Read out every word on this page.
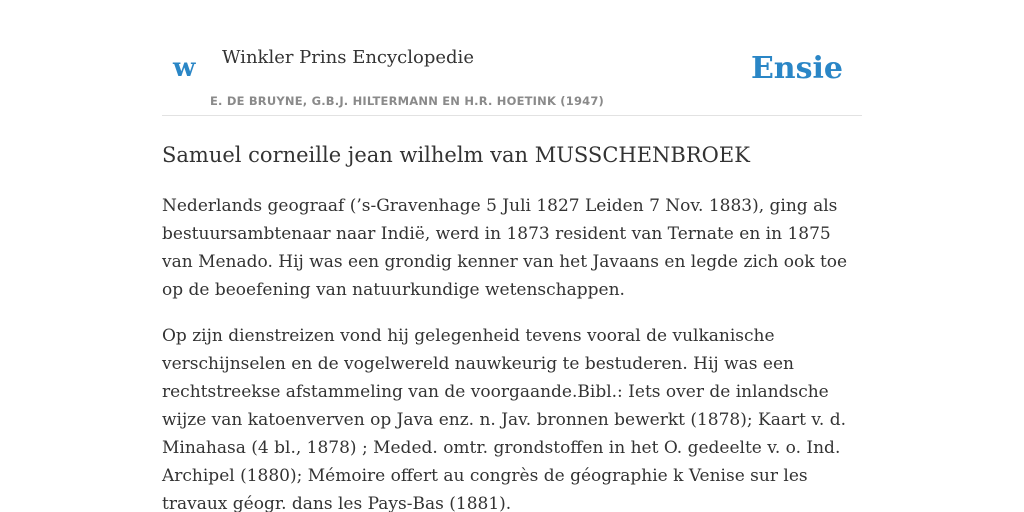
w Winkler Prins Encyclopedie
E. DE BRUYNE, G.B.J. HILTERMANN EN H.R. HOETINK (1947)
Ensie
Samuel corneille jean wilhelm van MUSSCHENBROEK

Nederlands geograaf (’s-Gravenhage 5 Juli 1827 Leiden 7 Nov. 1883), ging als bestuursambtenaar naar Indië, werd in 1873 resident van Ternate en in 1875 van Menado. Hij was een grondig kenner van het Javaans en legde zich ook toe op de beoefening van natuurkundige wetenschappen.

Op zijn dienstreizen vond hij gelegenheid tevens vooral de vulkanische verschijnselen en de vogelwereld nauwkeurig te bestuderen. Hij was een rechtstreekse afstammeling van de voorgaande.Bibl.: Iets over de inlandsche wijze van katoenverven op Java enz. n. Jav. bronnen bewerkt (1878); Kaart v. d. Minahasa (4 bl., 1878) ; Meded. omtr. grondstoffen in het O. gedeelte v. o. Ind. Archipel (1880); Mémoire offert au congrès de géographie k Venise sur les travaux géogr. dans les Pays-Bas (1881).
